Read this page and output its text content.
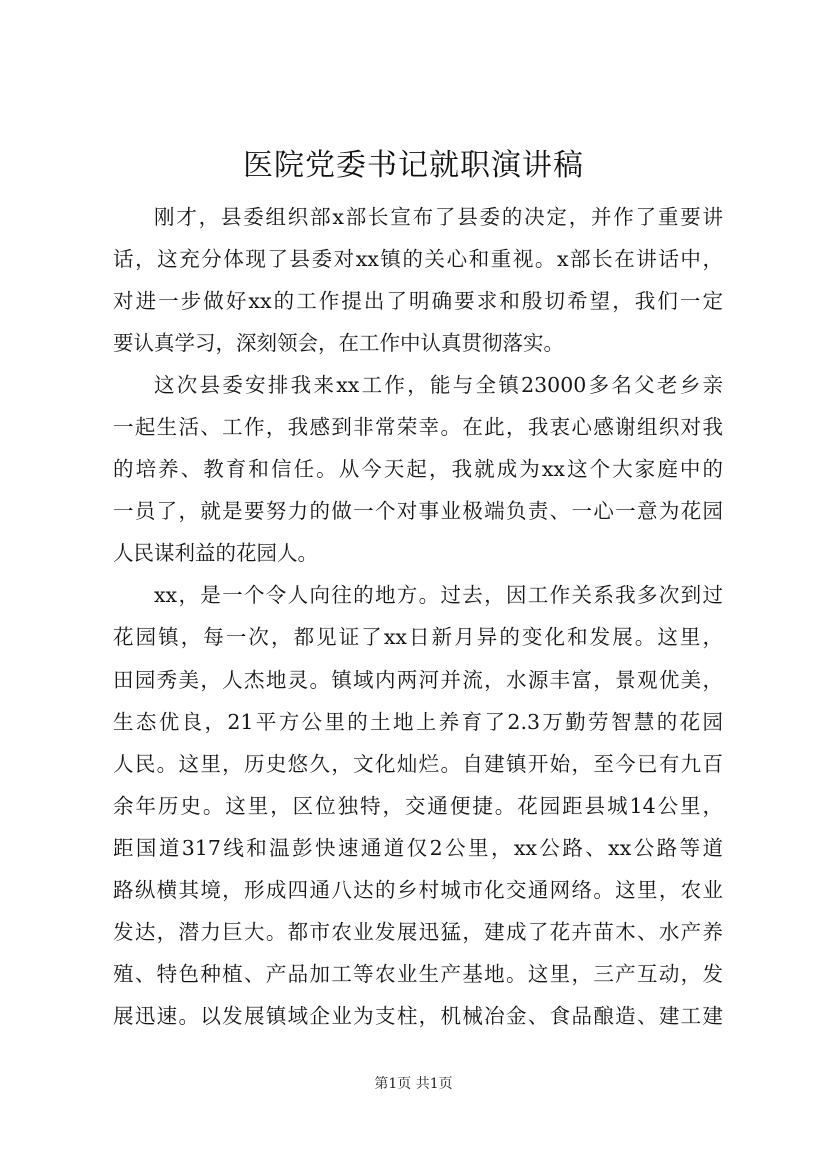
医院党委书记就职演讲稿
刚才，县委组织部x部长宣布了县委的决定，并作了重要讲
话，这充分体现了县委对xx镇的关心和重视。x部长在讲话中，
对进一步做好xx的工作提出了明确要求和殷切希望，我们一定
要认真学习，深刻领会，在工作中认真贯彻落实。
这次县委安排我来xx工作，能与全镇23000多名父老乡亲
一起生活、工作，我感到非常荣幸。在此，我衷心感谢组织对我
的培养、教育和信任。从今天起，我就成为xx这个大家庭中的
一员了，就是要努力的做一个对事业极端负责、一心一意为花园
人民谋利益的花园人。
xx，是一个令人向往的地方。过去，因工作关系我多次到过
花园镇，每一次，都见证了xx日新月异的变化和发展。这里，
田园秀美，人杰地灵。镇域内两河并流，水源丰富，景观优美，
生态优良，21平方公里的土地上养育了2.3万勤劳智慧的花园
人民。这里，历史悠久，文化灿烂。自建镇开始，至今已有九百
余年历史。这里，区位独特，交通便捷。花园距县城14公里，
距国道317线和温彭快速通道仅2公里，xx公路、xx公路等道
路纵横其境，形成四通八达的乡村城市化交通网络。这里，农业
发达，潜力巨大。都市农业发展迅猛，建成了花卉苗木、水产养
殖、特色种植、产品加工等农业生产基地。这里，三产互动，发
展迅速。以发展镇域企业为支柱，机械冶金、食品酿造、建工建
第1页 共1页
